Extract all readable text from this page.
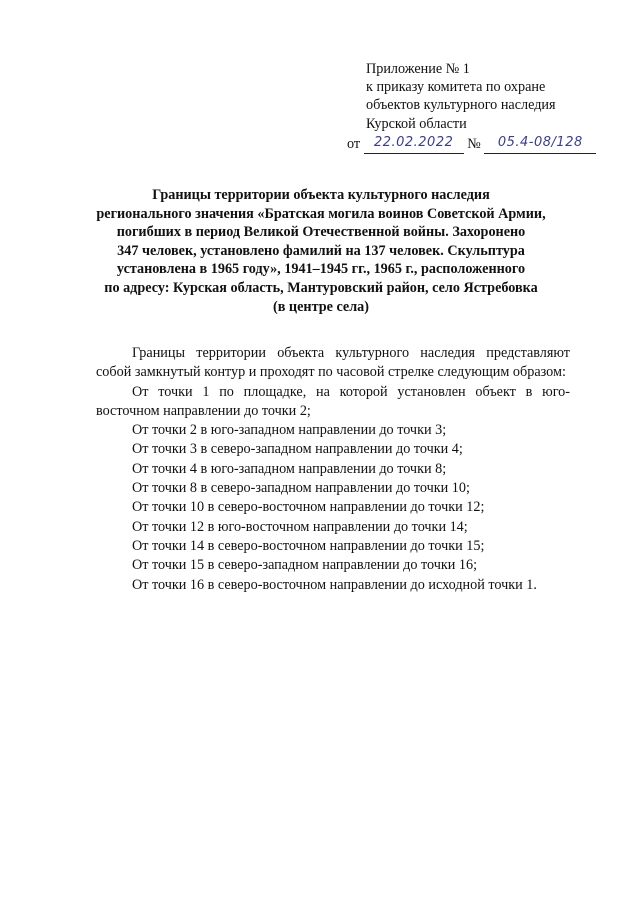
Приложение № 1
к приказу комитета по охране
объектов культурного наследия
Курской области
от 22.02.2022 № 05.4-08/128
Границы территории объекта культурного наследия
регионального значения «Братская могила воинов Советской Армии,
погибших в период Великой Отечественной войны. Захоронено
347 человек, установлено фамилий на 137 человек. Скульптура
установлена в 1965 году», 1941–1945 гг., 1965 г., расположенного
по адресу: Курская область, Мантуровский район, село Ястребовка
(в центре села)

Границы территории объекта культурного наследия представляют собой замкнутый контур и проходят по часовой стрелке следующим образом:

От точки 1 по площадке, на которой установлен объект в юго-восточном направлении до точки 2;

От точки 2 в юго-западном направлении до точки 3;

От точки 3 в северо-западном направлении до точки 4;

От точки 4 в юго-западном направлении до точки 8;

От точки 8 в северо-западном направлении до точки 10;

От точки 10 в северо-восточном направлении до точки 12;

От точки 12 в юго-восточном направлении до точки 14;

От точки 14 в северо-восточном направлении до точки 15;

От точки 15 в северо-западном направлении до точки 16;

От точки 16 в северо-восточном направлении до исходной точки 1.
